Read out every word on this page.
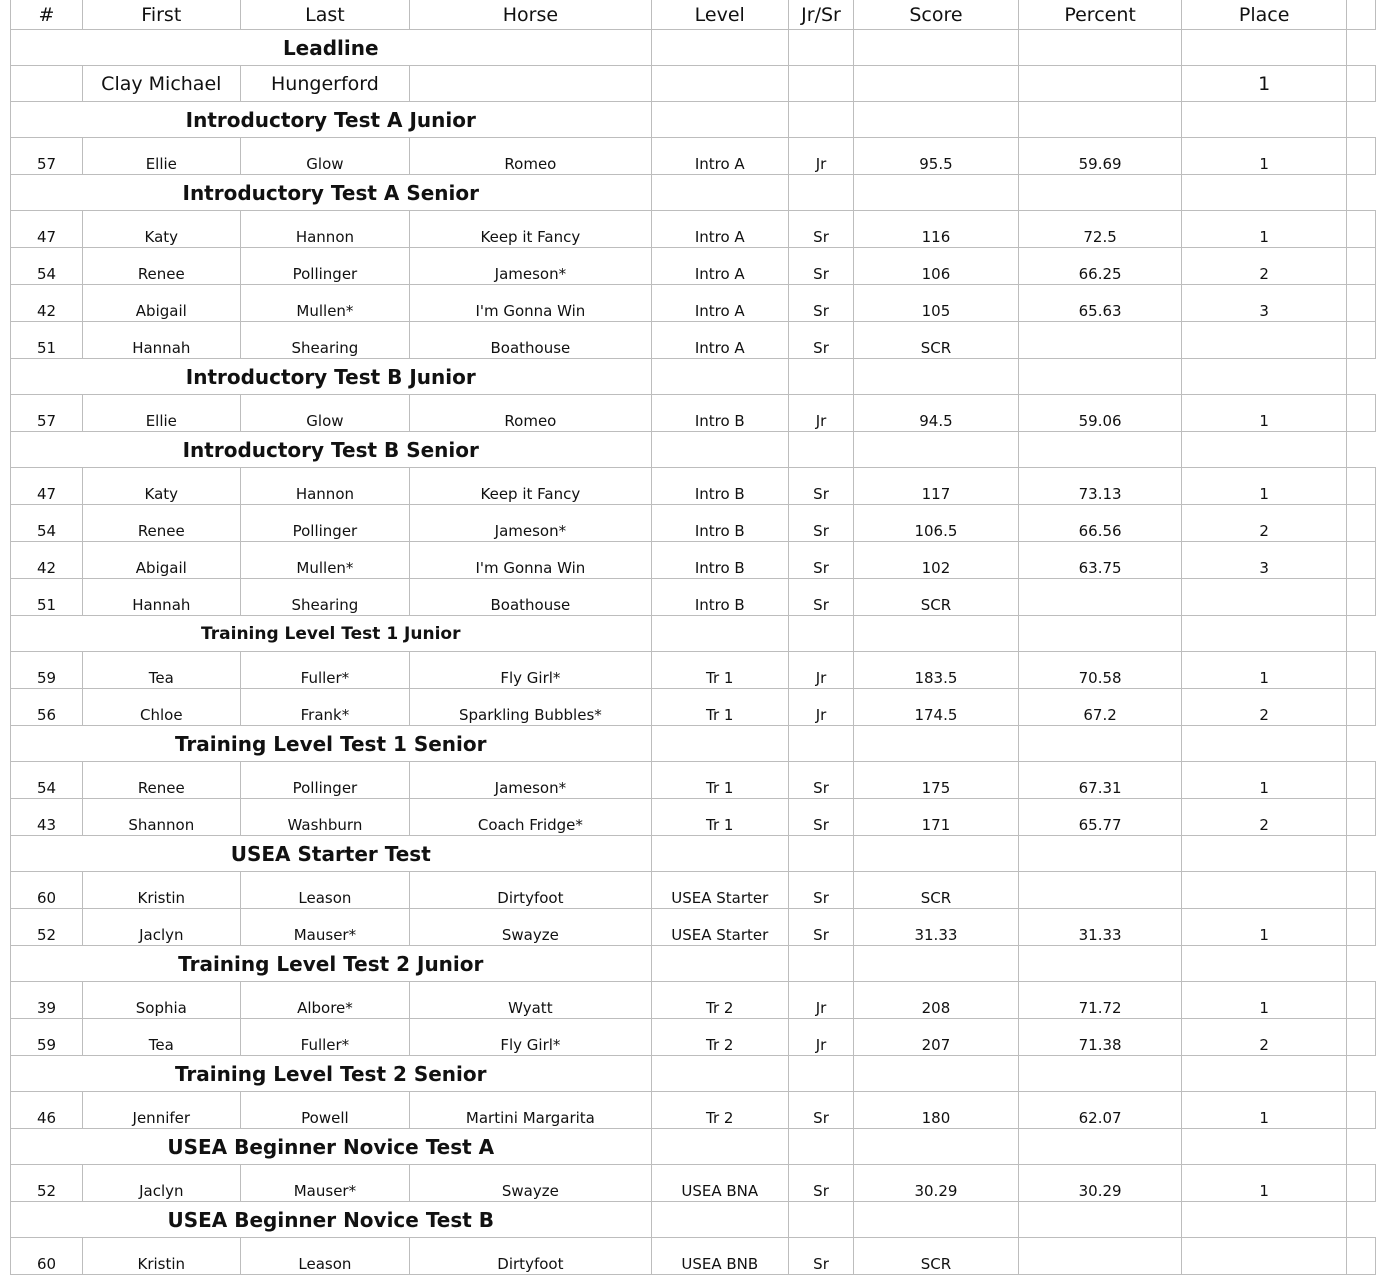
#	First	Last	Horse	Level	Jr/Sr	Score	Percent	Place	
Leadline									
	Clay Michael	Hungerford						1	
Introductory Test A Junior									
57	Ellie	Glow	Romeo	Intro A	Jr	95.5	59.69	1	
Introductory Test A Senior									
47	Katy	Hannon	Keep it Fancy	Intro A	Sr	116	72.5	1	
54	Renee	Pollinger	Jameson*	Intro A	Sr	106	66.25	2	
42	Abigail	Mullen*	I'm Gonna Win	Intro A	Sr	105	65.63	3	
51	Hannah	Shearing	Boathouse	Intro A	Sr	SCR			
Introductory Test B Junior									
57	Ellie	Glow	Romeo	Intro B	Jr	94.5	59.06	1	
Introductory Test B Senior									
47	Katy	Hannon	Keep it Fancy	Intro B	Sr	117	73.13	1	
54	Renee	Pollinger	Jameson*	Intro B	Sr	106.5	66.56	2	
42	Abigail	Mullen*	I'm Gonna Win	Intro B	Sr	102	63.75	3	
51	Hannah	Shearing	Boathouse	Intro B	Sr	SCR			
Training Level Test 1 Junior									
59	Tea	Fuller*	Fly Girl*	Tr 1	Jr	183.5	70.58	1	
56	Chloe	Frank*	Sparkling Bubbles*	Tr 1	Jr	174.5	67.2	2	
Training Level Test 1 Senior									
54	Renee	Pollinger	Jameson*	Tr 1	Sr	175	67.31	1	
43	Shannon	Washburn	Coach Fridge*	Tr 1	Sr	171	65.77	2	
USEA Starter Test									
60	Kristin	Leason	Dirtyfoot	USEA Starter	Sr	SCR			
52	Jaclyn	Mauser*	Swayze	USEA Starter	Sr	31.33	31.33	1	
Training Level Test 2 Junior									
39	Sophia	Albore*	Wyatt	Tr 2	Jr	208	71.72	1	
59	Tea	Fuller*	Fly Girl*	Tr 2	Jr	207	71.38	2	
Training Level Test 2 Senior									
46	Jennifer	Powell	Martini Margarita	Tr 2	Sr	180	62.07	1	
USEA Beginner Novice Test A									
52	Jaclyn	Mauser*	Swayze	USEA BNA	Sr	30.29	30.29	1	
USEA Beginner Novice Test B									
60	Kristin	Leason	Dirtyfoot	USEA BNB	Sr	SCR			
